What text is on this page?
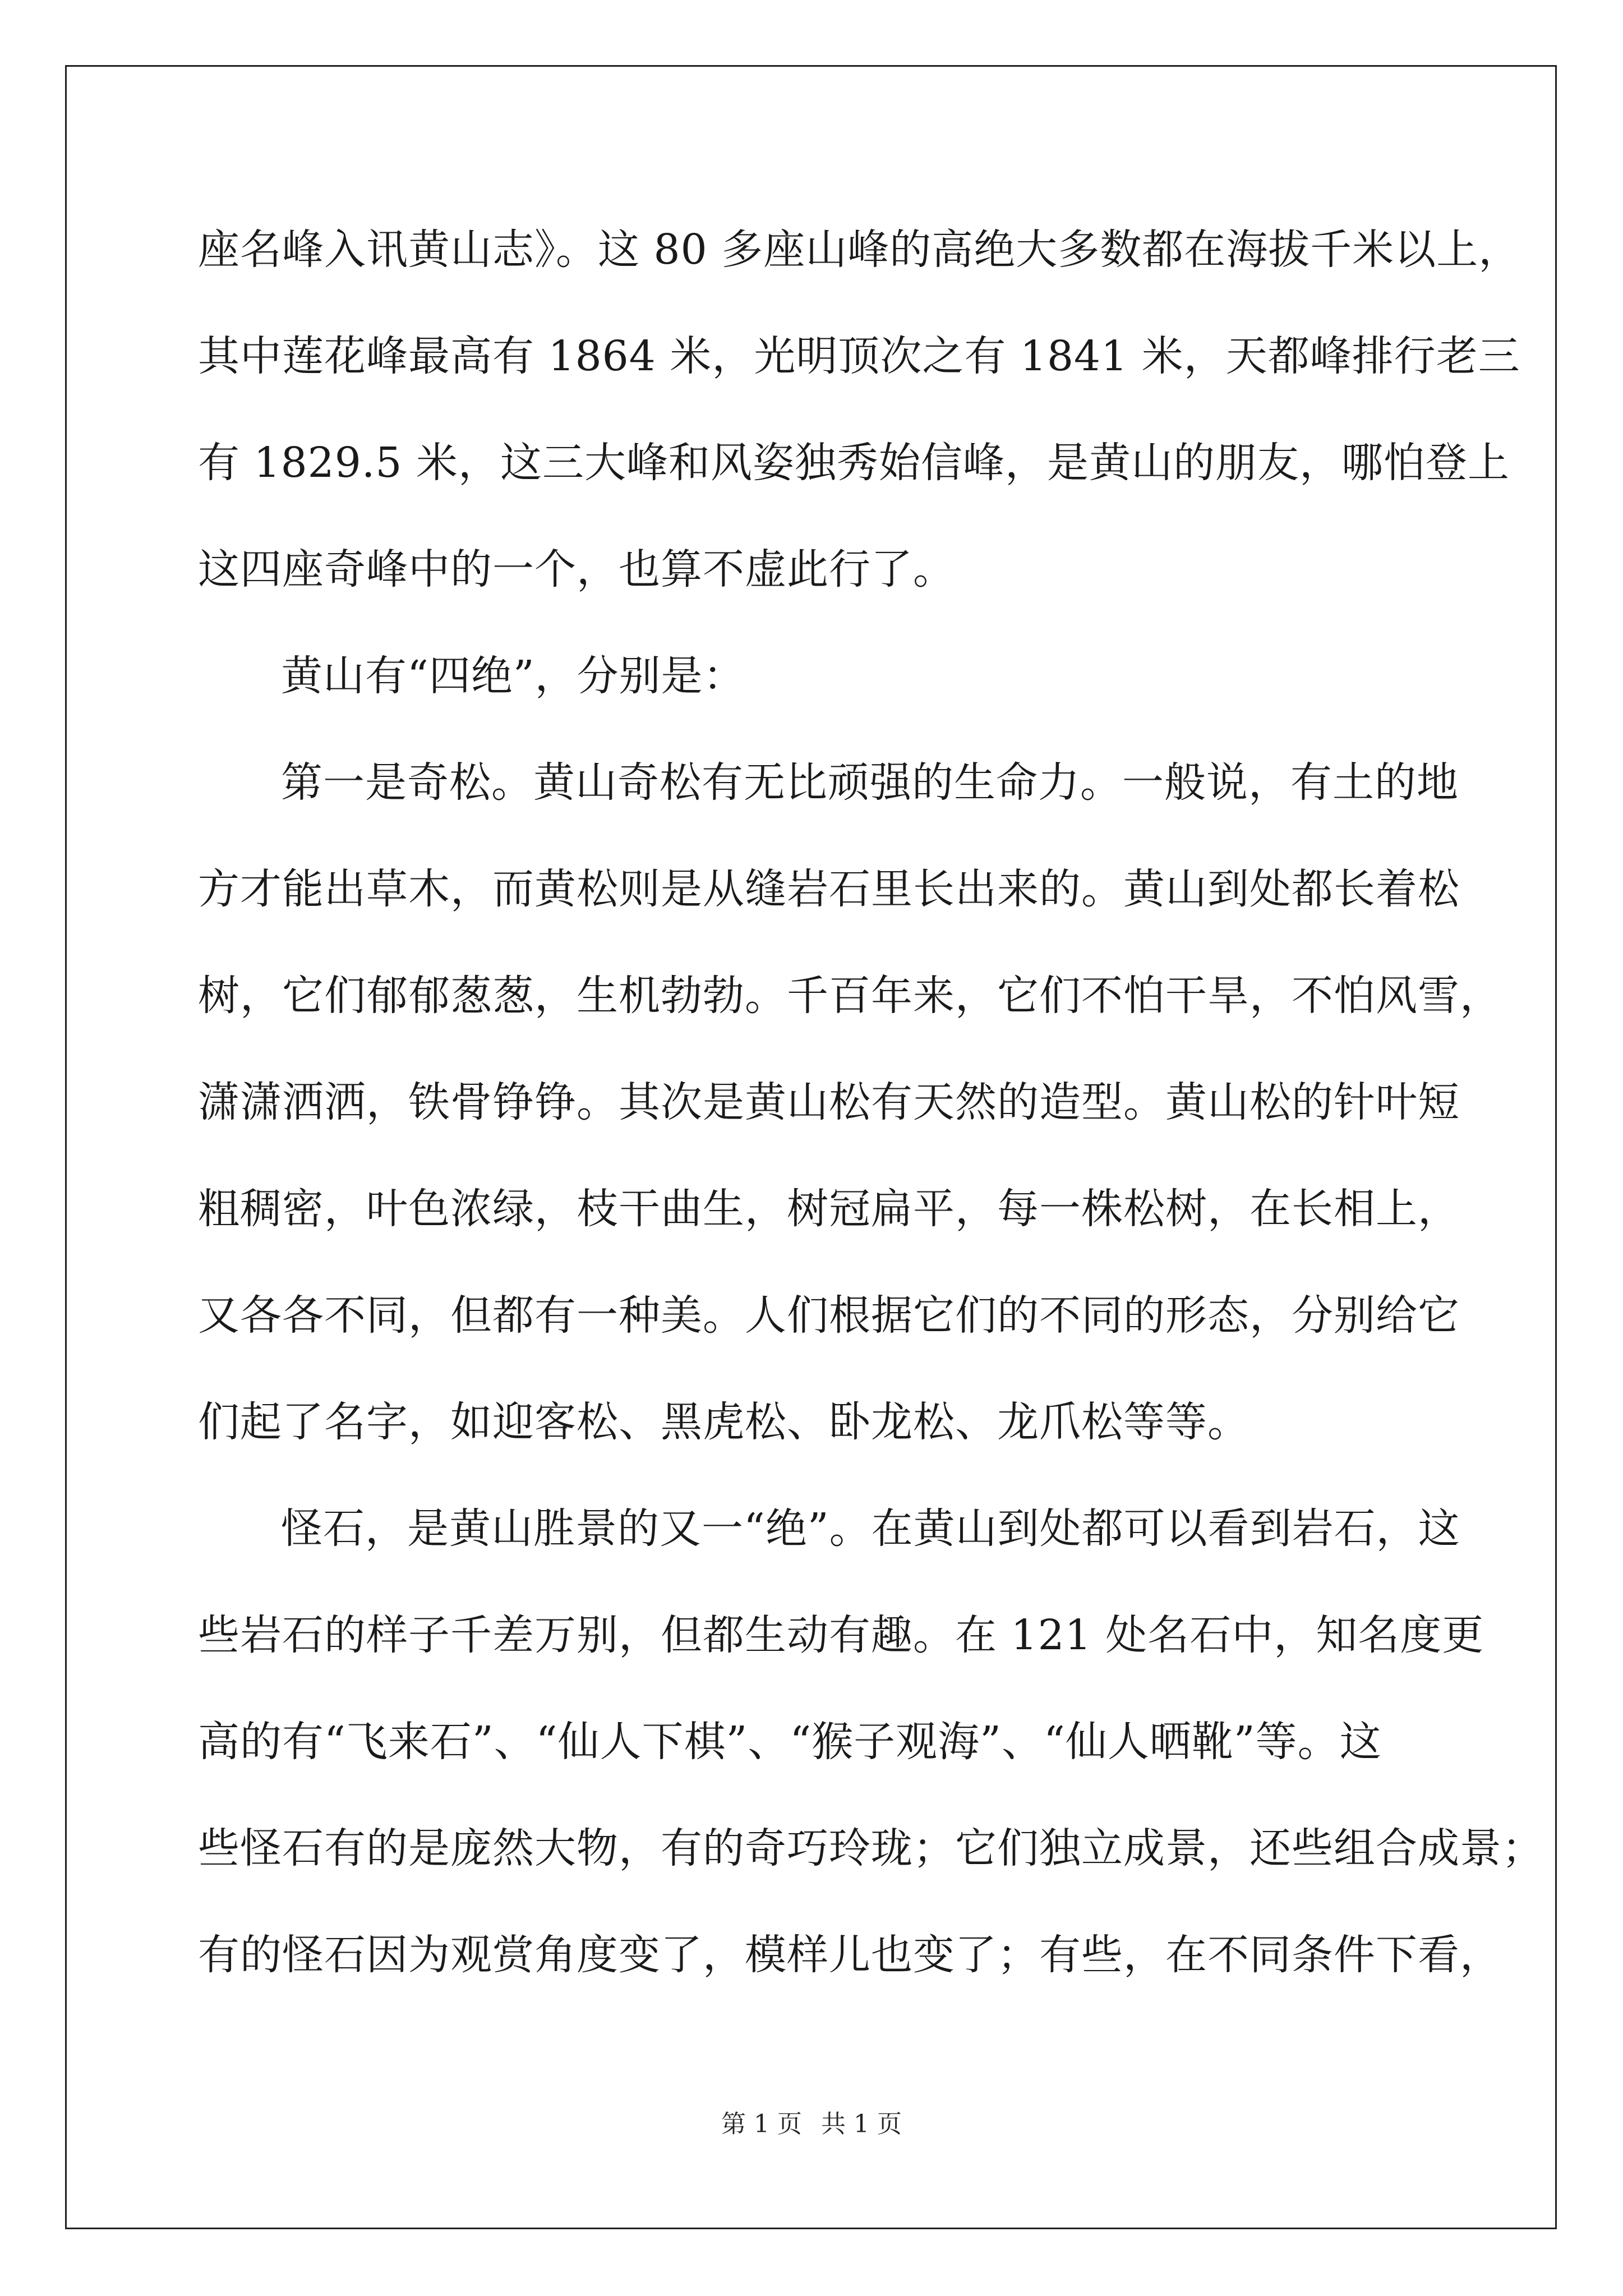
座名峰入讯黄山志》。这 80 多座山峰的高绝大多数都在海拔千米以上，
其中莲花峰最高有 1864 米，光明顶次之有 1841 米，天都峰排行老三
有 1829.5 米，这三大峰和风姿独秀始信峰，是黄山的朋友，哪怕登上
这四座奇峰中的一个，也算不虚此行了。
黄山有“四绝”，分别是：
第一是奇松。黄山奇松有无比顽强的生命力。一般说，有土的地
方才能出草木，而黄松则是从缝岩石里长出来的。黄山到处都长着松
树，它们郁郁葱葱，生机勃勃。千百年来，它们不怕干旱，不怕风雪，
潇潇洒洒，铁骨铮铮。其次是黄山松有天然的造型。黄山松的针叶短
粗稠密，叶色浓绿，枝干曲生，树冠扁平，每一株松树，在长相上，
又各各不同，但都有一种美。人们根据它们的不同的形态，分别给它
们起了名字，如迎客松、黑虎松、卧龙松、龙爪松等等。
怪石，是黄山胜景的又一“绝”。在黄山到处都可以看到岩石，这
些岩石的样子千差万别，但都生动有趣。在 121 处名石中，知名度更
高的有“飞来石”、“仙人下棋”、“猴子观海”、“仙人晒靴”等。这
些怪石有的是庞然大物，有的奇巧玲珑；它们独立成景，还些组合成景；
有的怪石因为观赏角度变了，模样儿也变了；有些，在不同条件下看，
第 1 页 共 1 页
